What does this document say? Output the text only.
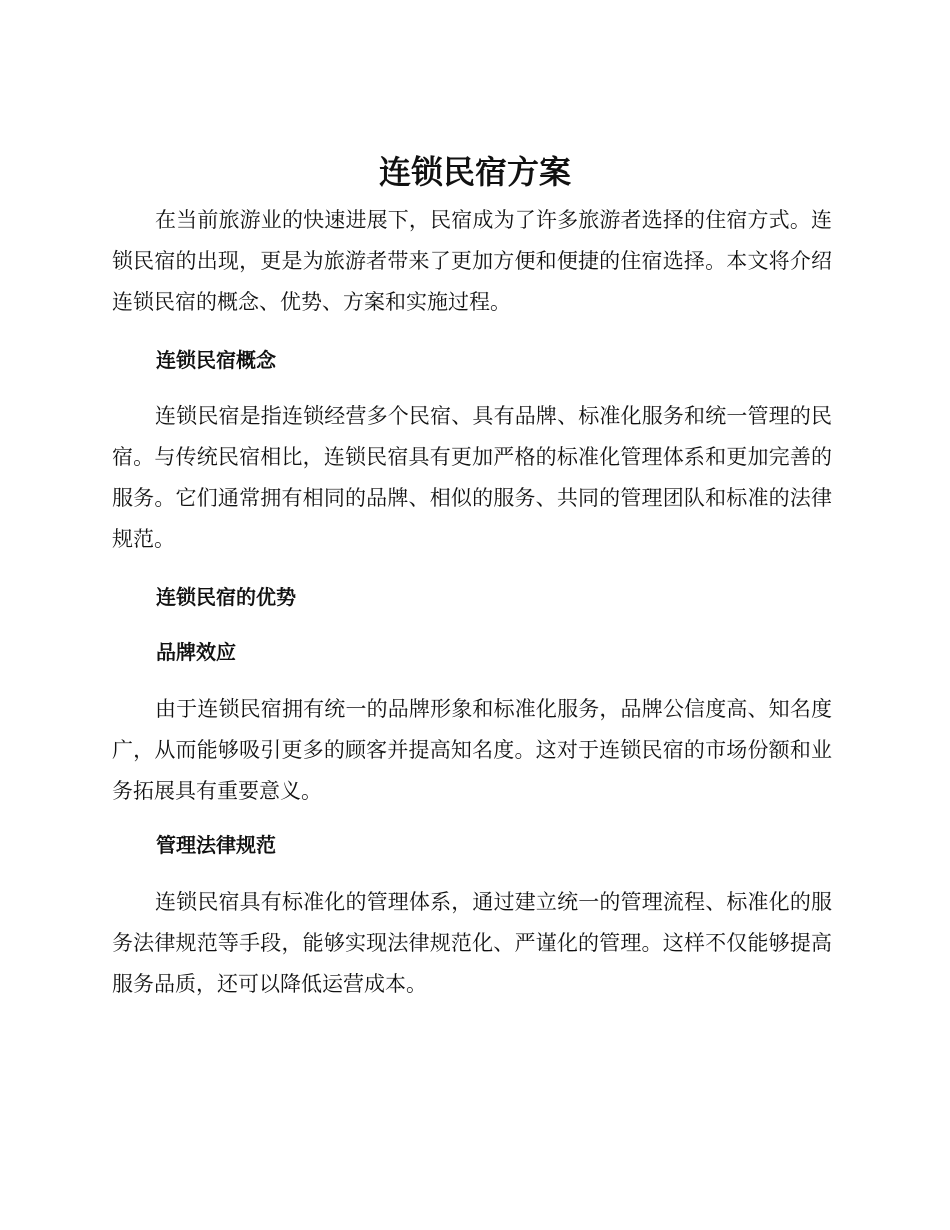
连锁民宿方案

在当前旅游业的快速进展下，民宿成为了许多旅游者选择的住宿方式。连锁民宿的出现，更是为旅游者带来了更加方便和便捷的住宿选择。本文将介绍连锁民宿的概念、优势、方案和实施过程。

连锁民宿概念

连锁民宿是指连锁经营多个民宿、具有品牌、标准化服务和统一管理的民宿。与传统民宿相比，连锁民宿具有更加严格的标准化管理体系和更加完善的服务。它们通常拥有相同的品牌、相似的服务、共同的管理团队和标准的法律规范。

连锁民宿的优势
品牌效应

由于连锁民宿拥有统一的品牌形象和标准化服务，品牌公信度高、知名度广，从而能够吸引更多的顾客并提高知名度。这对于连锁民宿的市场份额和业务拓展具有重要意义。

管理法律规范

连锁民宿具有标准化的管理体系，通过建立统一的管理流程、标准化的服务法律规范等手段，能够实现法律规范化、严谨化的管理。这样不仅能够提高服务品质，还可以降低运营成本。
